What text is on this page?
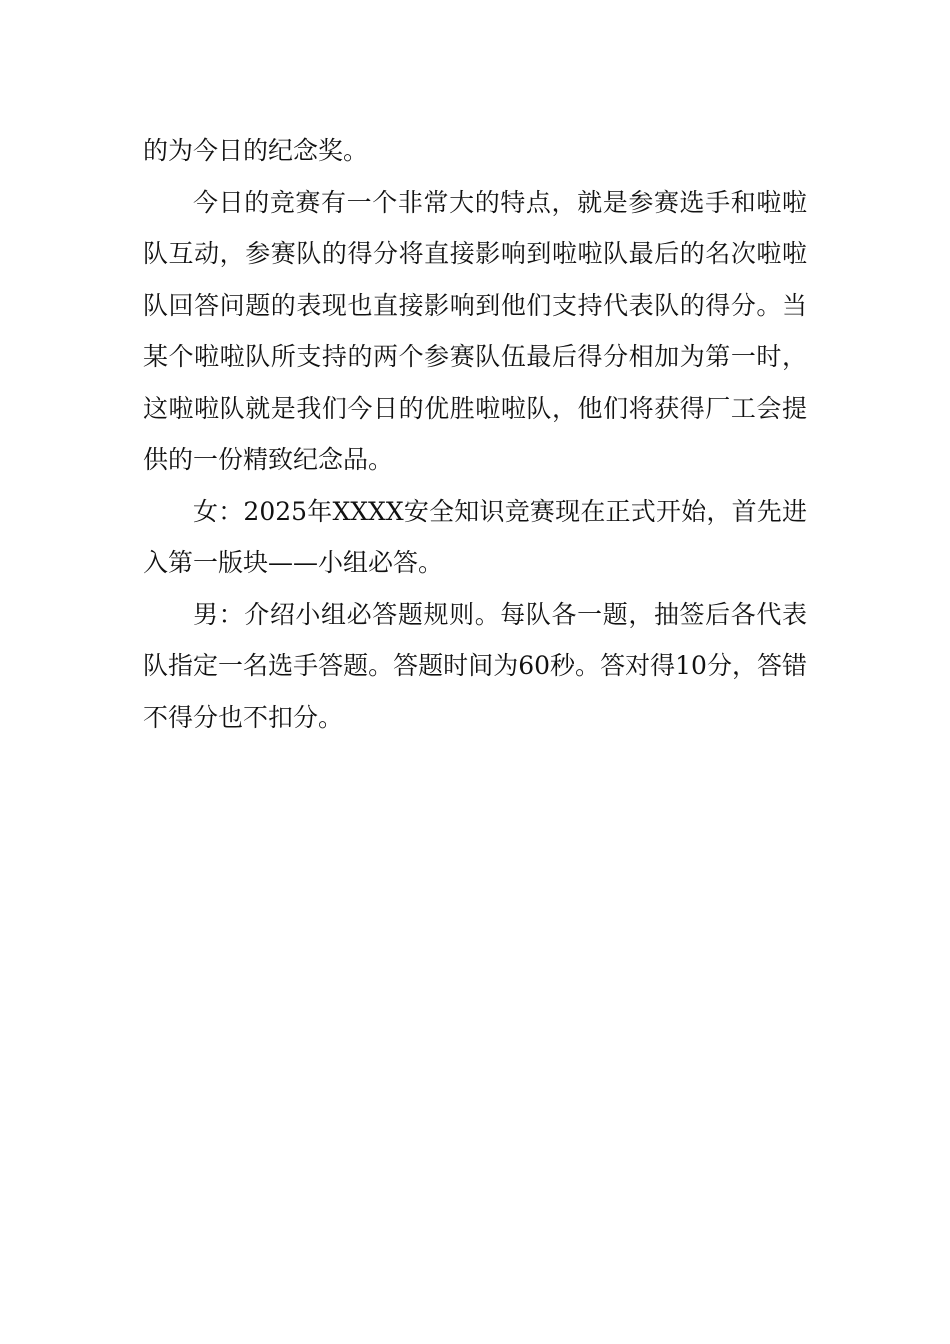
的为今日的纪念奖。

今日的竞赛有一个非常大的特点，就是参赛选手和啦啦队互动，参赛队的得分将直接影响到啦啦队最后的名次啦啦队回答问题的表现也直接影响到他们支持代表队的得分。当某个啦啦队所支持的两个参赛队伍最后得分相加为第一时，这啦啦队就是我们今日的优胜啦啦队，他们将获得厂工会提供的一份精致纪念品。

女：2025年XXXX安全知识竞赛现在正式开始，首先进入第一版块——小组必答。

男：介绍小组必答题规则。每队各一题，抽签后各代表队指定一名选手答题。答题时间为60秒。答对得10分，答错不得分也不扣分。
